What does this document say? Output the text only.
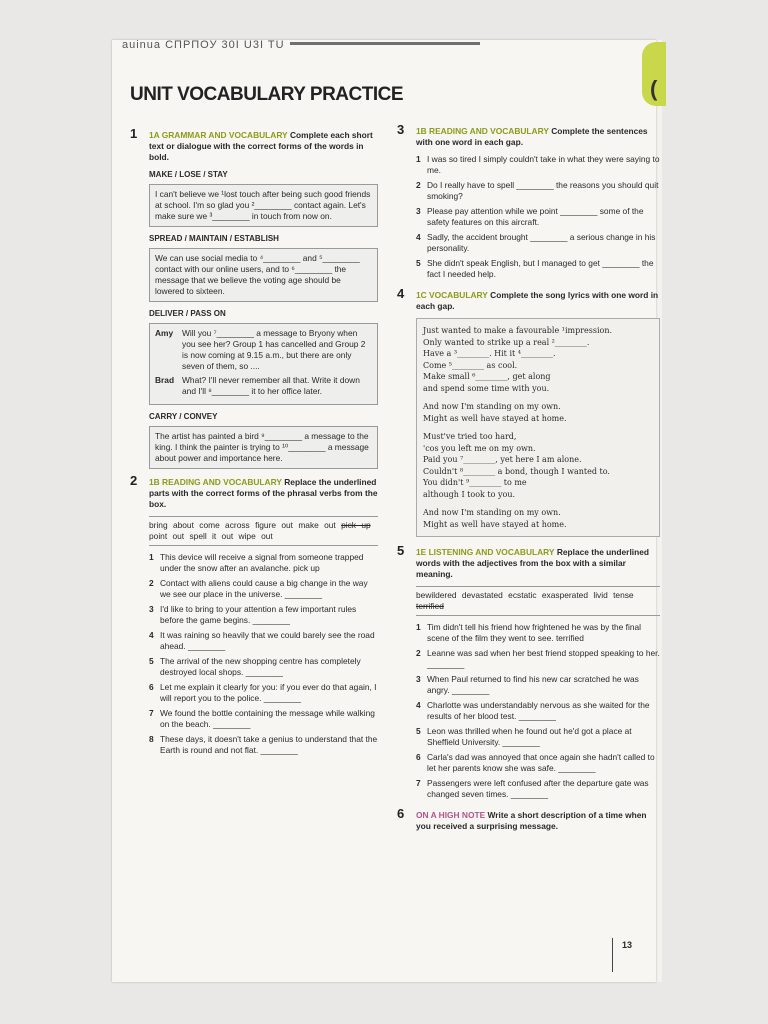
auinua CПРПОУ 30I U3I TU
(
UNIT VOCABULARY PRACTICE
1 1A GRAMMAR AND VOCABULARY Complete each short text or dialogue with the correct forms of the words in bold.
MAKE / LOSE / STAY
I can't believe we ¹lost touch after being such good friends at school. I'm so glad you ²________ contact again. Let's make sure we ³________ in touch from now on.
SPREAD / MAINTAIN / ESTABLISH
We can use social media to ⁴________ and ⁵________ contact with our online users, and to ⁶________ the message that we believe the voting age should be lowered to sixteen.
DELIVER / PASS ON
Amy	Will you ⁷________ a message to Bryony when you see her? Group 1 has cancelled and Group 2 is now coming at 9.15 a.m., but there are only seven of them, so ....
Brad What? I'll never remember all that. Write it down and I'll ⁸________ it to her office later.
CARRY / CONVEY
The artist has painted a bird ⁹________ a message to the king. I think the painter is trying to ¹⁰________ a message about power and importance here.
2 1B READING AND VOCABULARY Replace the underlined parts with the correct forms of the phrasal verbs from the box.
bring about come across figure out make out pick up point out spell it out wipe out
1 This device will receive a signal from someone trapped under the snow after an avalanche. pick up
2 Contact with aliens could cause a big change in the way we see our place in the universe. ________
3 I'd like to bring to your attention a few important rules before the game begins. ________
4 It was raining so heavily that we could barely see the road ahead. ________
5 The arrival of the new shopping centre has completely destroyed local shops. ________
6 Let me explain it clearly for you: if you ever do that again, I will report you to the police. ________
7 We found the bottle containing the message while walking on the beach. ________
8 These days, it doesn't take a genius to understand that the Earth is round and not flat. ________
3 1B READING AND VOCABULARY Complete the sentences with one word in each gap.
1 I was so tired I simply couldn't take in what they were saying to me.
2 Do I really have to spell ________ the reasons you should quit smoking?
3 Please pay attention while we point ________ some of the safety features on this aircraft.
4 Sadly, the accident brought ________ a serious change in his personality.
5 She didn't speak English, but I managed to get ________ the fact I needed help.
4 1C VOCABULARY Complete the song lyrics with one word in each gap.
Just wanted to make a favourable ¹impression.
Only wanted to strike up a real ²________.
Have a ³________. Hit it ⁴________.
Come ⁵________ as cool.
Make small ⁶________, get along
and spend some time with you.
And now I'm standing on my own.
Might as well have stayed at home.
Must've tried too hard,
'cos you left me on my own.
Paid you ⁷________, yet here I am alone.
Couldn't ⁸________ a bond, though I wanted to.
You didn't ⁹________ to me
although I took to you.
And now I'm standing on my own.
Might as well have stayed at home.
5 1E LISTENING AND VOCABULARY Replace the underlined words with the adjectives from the box with a similar meaning.
bewildered devastated ecstatic exasperated livid tense terrified
1 Tim didn't tell his friend how frightened he was by the final scene of the film they went to see. terrified
2 Leanne was sad when her best friend stopped speaking to her. ________
3 When Paul returned to find his new car scratched he was angry. ________
4 Charlotte was understandably nervous as she waited for the results of her blood test. ________
5 Leon was thrilled when he found out he'd got a place at Sheffield University. ________
6 Carla's dad was annoyed that once again she hadn't called to let her parents know she was safe. ________
7 Passengers were left confused after the departure gate was changed seven times. ________
6 ON A HIGH NOTE Write a short description of a time when you received a surprising message.
13
